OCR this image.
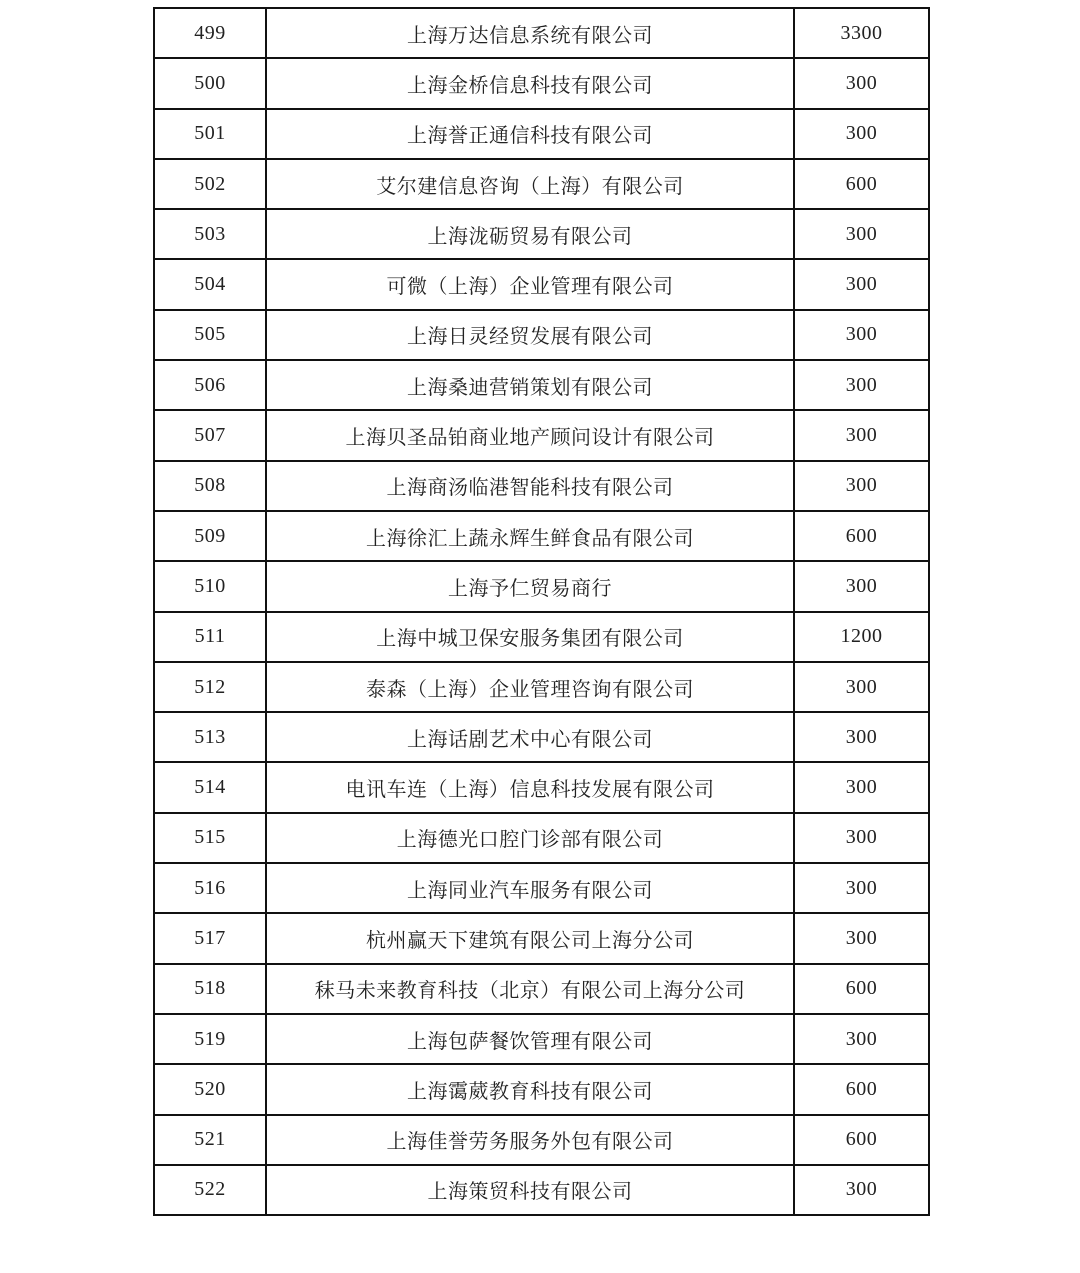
499	上海万达信息系统有限公司	3300
500	上海金桥信息科技有限公司	300
501	上海誉正通信科技有限公司	300
502	艾尔建信息咨询（上海）有限公司	600
503	上海泷砺贸易有限公司	300
504	可微（上海）企业管理有限公司	300
505	上海日灵经贸发展有限公司	300
506	上海桑迪营销策划有限公司	300
507	上海贝圣品铂商业地产顾问设计有限公司	300
508	上海商汤临港智能科技有限公司	300
509	上海徐汇上蔬永辉生鲜食品有限公司	600
510	上海予仁贸易商行	300
511	上海中城卫保安服务集团有限公司	1200
512	泰森（上海）企业管理咨询有限公司	300
513	上海话剧艺术中心有限公司	300
514	电讯车连（上海）信息科技发展有限公司	300
515	上海德光口腔门诊部有限公司	300
516	上海同业汽车服务有限公司	300
517	杭州赢天下建筑有限公司上海分公司	300
518	秣马未来教育科技（北京）有限公司上海分公司	600
519	上海包萨餐饮管理有限公司	300
520	上海霭葳教育科技有限公司	600
521	上海佳誉劳务服务外包有限公司	600
522	上海策贸科技有限公司	300
